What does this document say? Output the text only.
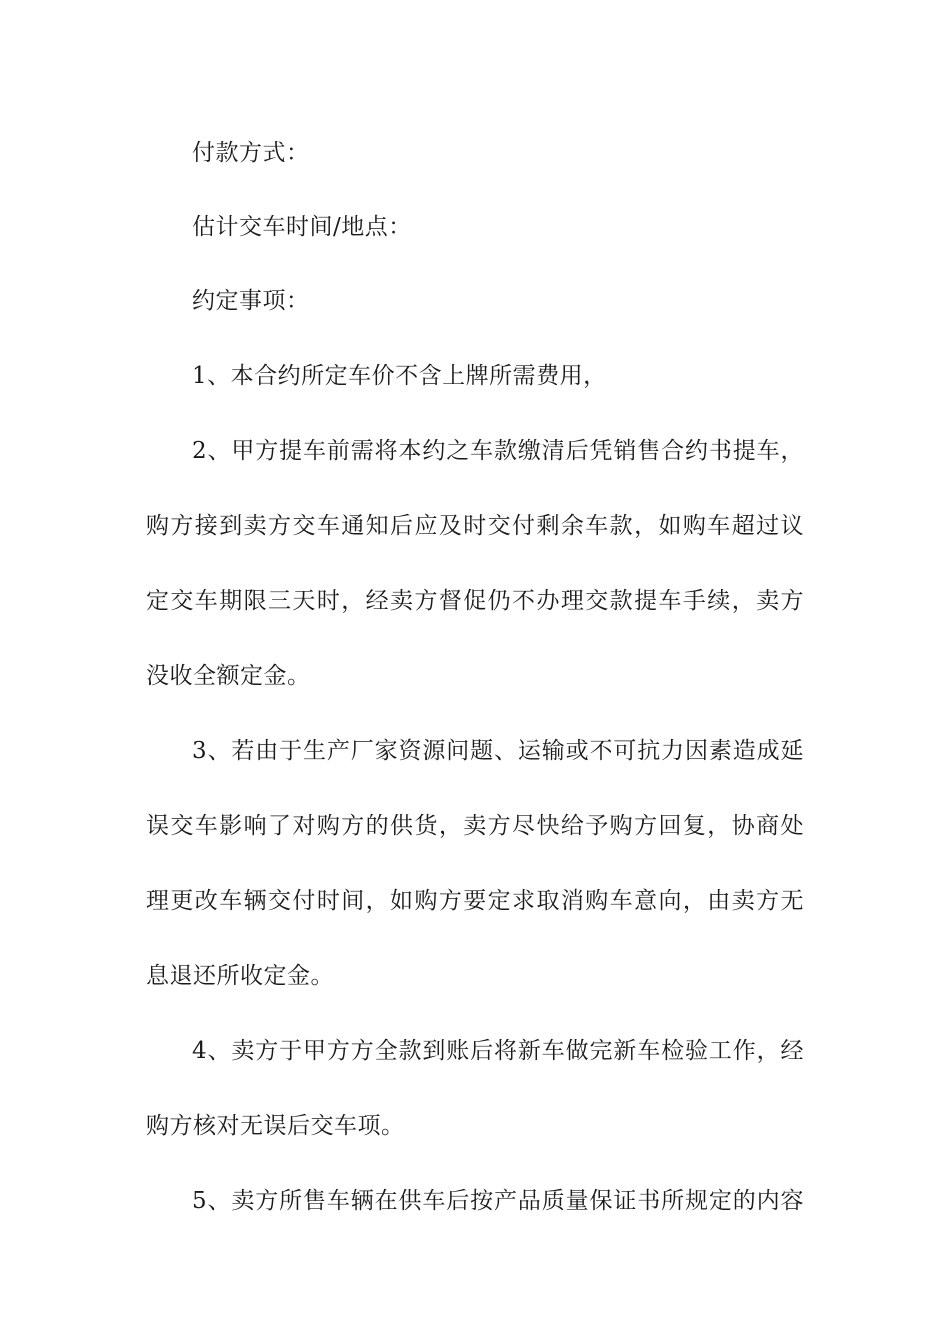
付款方式：
估计交车时间/地点：
约定事项：
1、本合约所定车价不含上牌所需费用，
2、甲方提车前需将本约之车款缴清后凭销售合约书提车，
购方接到卖方交车通知后应及时交付剩余车款，如购车超过议
定交车期限三天时，经卖方督促仍不办理交款提车手续，卖方
没收全额定金。
3、若由于生产厂家资源问题、运输或不可抗力因素造成延
误交车影响了对购方的供货，卖方尽快给予购方回复，协商处
理更改车辆交付时间，如购方要定求取消购车意向，由卖方无
息退还所收定金。
4、卖方于甲方方全款到账后将新车做完新车检验工作，经
购方核对无误后交车项。
5、卖方所售车辆在供车后按产品质量保证书所规定的内容
